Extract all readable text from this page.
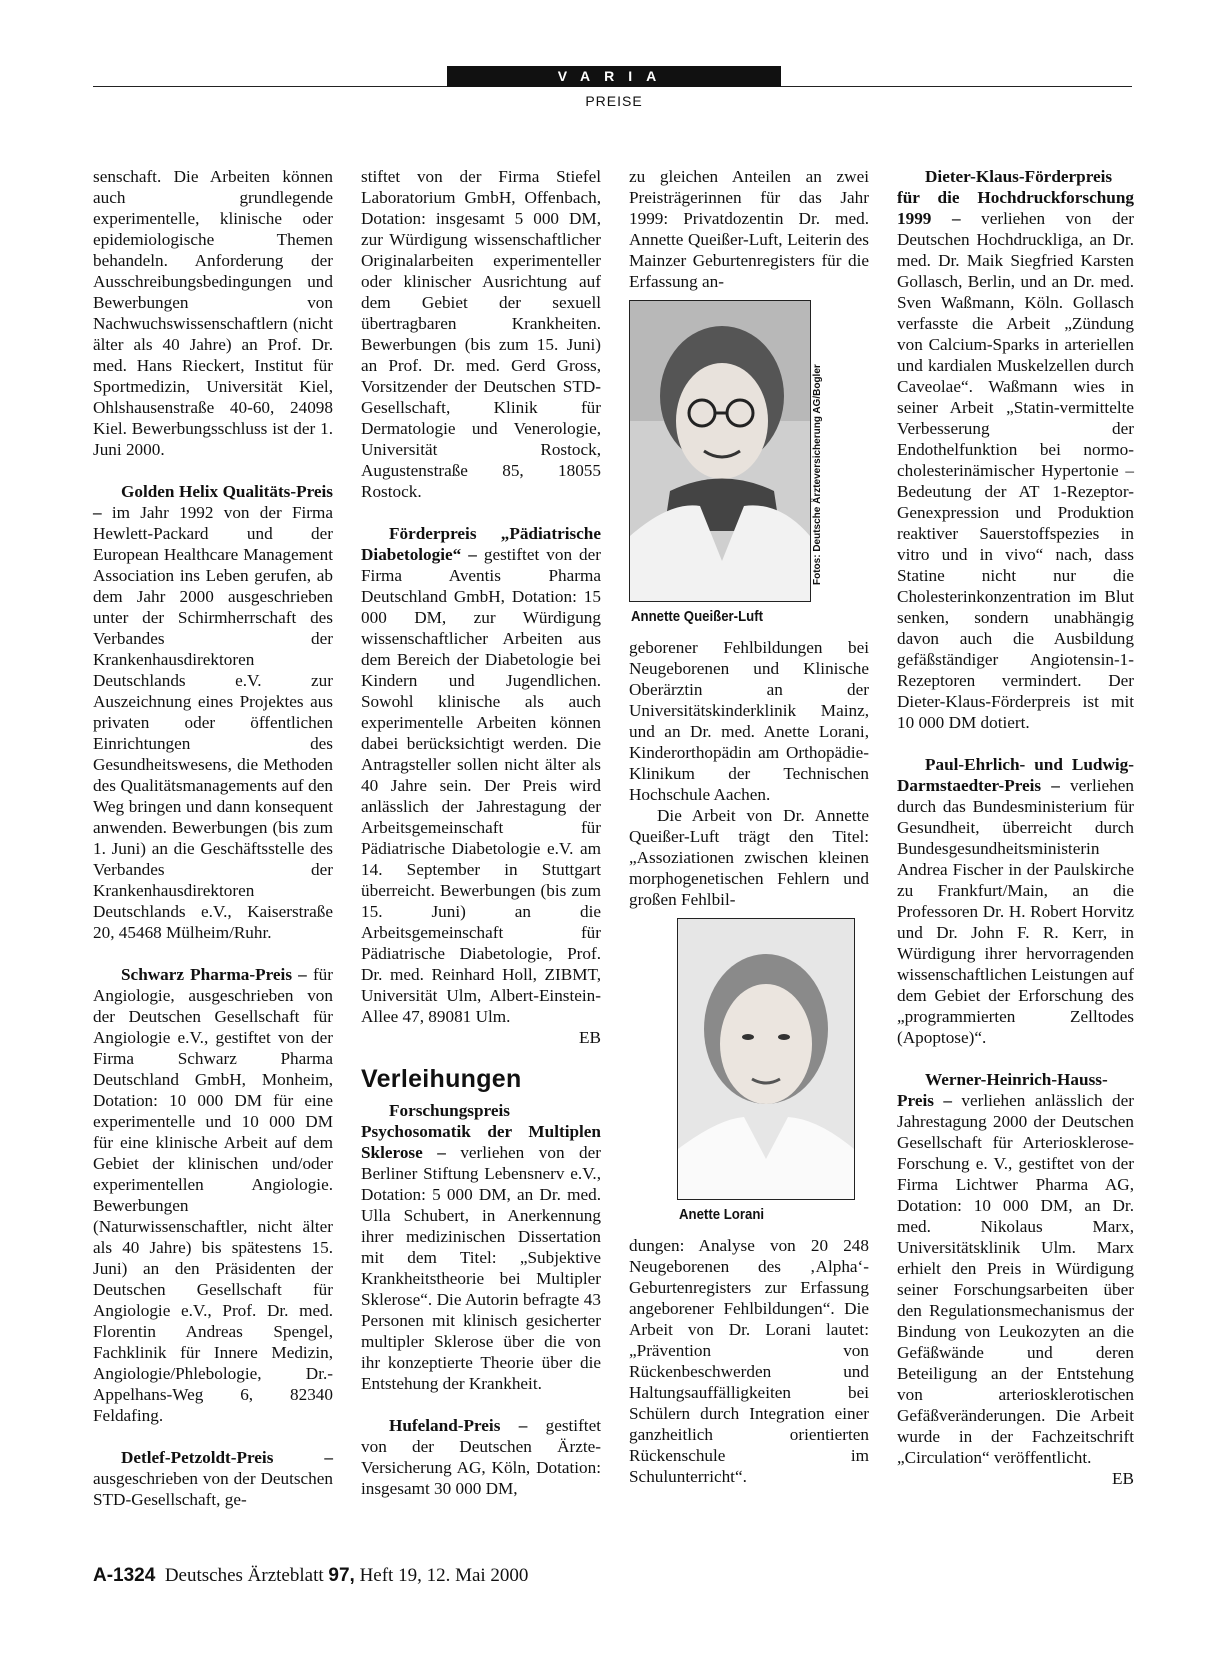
VARIA
PREISE

senschaft. Die Arbeiten können auch grundlegende experimentelle, klinische oder epidemiologische Themen behandeln. Anforderung der Ausschreibungsbedingungen und Bewerbungen von Nachwuchswissenschaftlern (nicht älter als 40 Jahre) an Prof. Dr. med. Hans Rieckert, Institut für Sportmedizin, Universität Kiel, Ohlshausenstraße 40-60, 24098 Kiel. Bewerbungsschluss ist der 1. Juni 2000.

Golden Helix Qualitäts-Preis – im Jahr 1992 von der Firma Hewlett-Packard und der European Healthcare Management Association ins Leben gerufen, ab dem Jahr 2000 ausgeschrieben unter der Schirmherrschaft des Verbandes der Krankenhausdirektoren Deutschlands e.V. zur Auszeichnung eines Projektes aus privaten oder öffentlichen Einrichtungen des Gesundheitswesens, die Methoden des Qualitätsmanagements auf den Weg bringen und dann konsequent anwenden. Bewerbungen (bis zum 1. Juni) an die Geschäftsstelle des Verbandes der Krankenhausdirektoren Deutschlands e.V., Kaiserstraße 20, 45468 Mülheim/Ruhr.

Schwarz Pharma-Preis – für Angiologie, ausgeschrieben von der Deutschen Gesellschaft für Angiologie e.V., gestiftet von der Firma Schwarz Pharma Deutschland GmbH, Monheim, Dotation: 10 000 DM für eine experimentelle und 10 000 DM für eine klinische Arbeit auf dem Gebiet der klinischen und/oder experimentellen Angiologie. Bewerbungen (Naturwissenschaftler, nicht älter als 40 Jahre) bis spätestens 15. Juni) an den Präsidenten der Deutschen Gesellschaft für Angiologie e.V., Prof. Dr. med. Florentin Andreas Spengel, Fachklinik für Innere Medizin, Angiologie/Phlebologie, Dr.-Appelhans-Weg 6, 82340 Feldafing.

Detlef-Petzoldt-Preis – ausgeschrieben von der Deutschen STD-Gesellschaft, ge-

stiftet von der Firma Stiefel Laboratorium GmbH, Offenbach, Dotation: insgesamt 5 000 DM, zur Würdigung wissenschaftlicher Originalarbeiten experimenteller oder klinischer Ausrichtung auf dem Gebiet der sexuell übertragbaren Krankheiten. Bewerbungen (bis zum 15. Juni) an Prof. Dr. med. Gerd Gross, Vorsitzender der Deutschen STD-Gesellschaft, Klinik für Dermatologie und Venerologie, Universität Rostock, Augustenstraße 85, 18055 Rostock.

Förderpreis „Pädiatrische Diabetologie“ – gestiftet von der Firma Aventis Pharma Deutschland GmbH, Dotation: 15 000 DM, zur Würdigung wissenschaftlicher Arbeiten aus dem Bereich der Diabetologie bei Kindern und Jugendlichen. Sowohl klinische als auch experimentelle Arbeiten können dabei berücksichtigt werden. Die Antragsteller sollen nicht älter als 40 Jahre sein. Der Preis wird anlässlich der Jahrestagung der Arbeitsgemeinschaft für Pädiatrische Diabetologie e.V. am 14. September in Stuttgart überreicht. Bewerbungen (bis zum 15. Juni) an die Arbeitsgemeinschaft für Pädiatrische Diabetologie, Prof. Dr. med. Reinhard Holl, ZIBMT, Universität Ulm, Albert-Einstein-Allee 47, 89081 Ulm.
EB

Verleihungen

Forschungspreis Psychosomatik der Multiplen Sklerose – verliehen von der Berliner Stiftung Lebensnerv e.V., Dotation: 5 000 DM, an Dr. med. Ulla Schubert, in Anerkennung ihrer medizinischen Dissertation mit dem Titel: „Subjektive Krankheitstheorie bei Multipler Sklerose“. Die Autorin befragte 43 Personen mit klinisch gesicherter multipler Sklerose über die von ihr konzeptierte Theorie über die Entstehung der Krankheit.

Hufeland-Preis – gestiftet von der Deutschen Ärzte-Versicherung AG, Köln, Dotation: insgesamt 30 000 DM,

zu gleichen Anteilen an zwei Preisträgerinnen für das Jahr 1999: Privatdozentin Dr. med. Annette Queißer-Luft, Leiterin des Mainzer Geburtenregisters für die Erfassung an-

Annette Queißer-Luft

geborener Fehlbildungen bei Neugeborenen und Klinische Oberärztin an der Universitätskinderklinik Mainz, und an Dr. med. Anette Lorani, Kinderorthopädin am Orthopädie-Klinikum der Technischen Hochschule Aachen.

Die Arbeit von Dr. Annette Queißer-Luft trägt den Titel: „Assoziationen zwischen kleinen morphogenetischen Fehlern und großen Fehlbil-

Anette Lorani

dungen: Analyse von 20 248 Neugeborenen des ‚Alpha‘-Geburtenregisters zur Erfassung angeborener Fehlbildungen“. Die Arbeit von Dr. Lorani lautet: „Prävention von Rückenbeschwerden und Haltungsauffälligkeiten bei Schülern durch Integration einer ganzheitlich orientierten Rückenschule im Schulunterricht“.

Fotos: Deutsche Ärzteversicherung AG/Bogler

Dieter-Klaus-Förderpreis für die Hochdruckforschung 1999 – verliehen von der Deutschen Hochdruckliga, an Dr. med. Dr. Maik Siegfried Karsten Gollasch, Berlin, und an Dr. med. Sven Waßmann, Köln. Gollasch verfasste die Arbeit „Zündung von Calcium-Sparks in arteriellen und kardialen Muskelzellen durch Caveolae“. Waßmann wies in seiner Arbeit „Statin-vermittelte Verbesserung der Endothelfunktion bei normo-cholesterinämischer Hypertonie – Bedeutung der AT 1-Rezeptor-Genexpression und Produktion reaktiver Sauerstoffspezies in vitro und in vivo“ nach, dass Statine nicht nur die Cholesterinkonzentration im Blut senken, sondern unabhängig davon auch die Ausbildung gefäßständiger Angiotensin-1-Rezeptoren vermindert. Der Dieter-Klaus-Förderpreis ist mit 10 000 DM dotiert.

Paul-Ehrlich- und Ludwig-Darmstaedter-Preis – verliehen durch das Bundesministerium für Gesundheit, überreicht durch Bundesgesundheitsministerin Andrea Fischer in der Paulskirche zu Frankfurt/Main, an die Professoren Dr. H. Robert Horvitz und Dr. John F. R. Kerr, in Würdigung ihrer hervorragenden wissenschaftlichen Leistungen auf dem Gebiet der Erforschung des „programmierten Zelltodes (Apoptose)“.

Werner-Heinrich-Hauss-Preis – verliehen anlässlich der Jahrestagung 2000 der Deutschen Gesellschaft für Arteriosklerose-Forschung e. V., gestiftet von der Firma Lichtwer Pharma AG, Dotation: 10 000 DM, an Dr. med. Nikolaus Marx, Universitätsklinik Ulm. Marx erhielt den Preis in Würdigung seiner Forschungsarbeiten über den Regulationsmechanismus der Bindung von Leukozyten an die Gefäßwände und deren Beteiligung an der Entstehung von arteriosklerotischen Gefäßveränderungen. Die Arbeit wurde in der Fachzeitschrift „Circulation“ veröffentlicht.
EB

A-1324 Deutsches Ärzteblatt 97, Heft 19, 12. Mai 2000
